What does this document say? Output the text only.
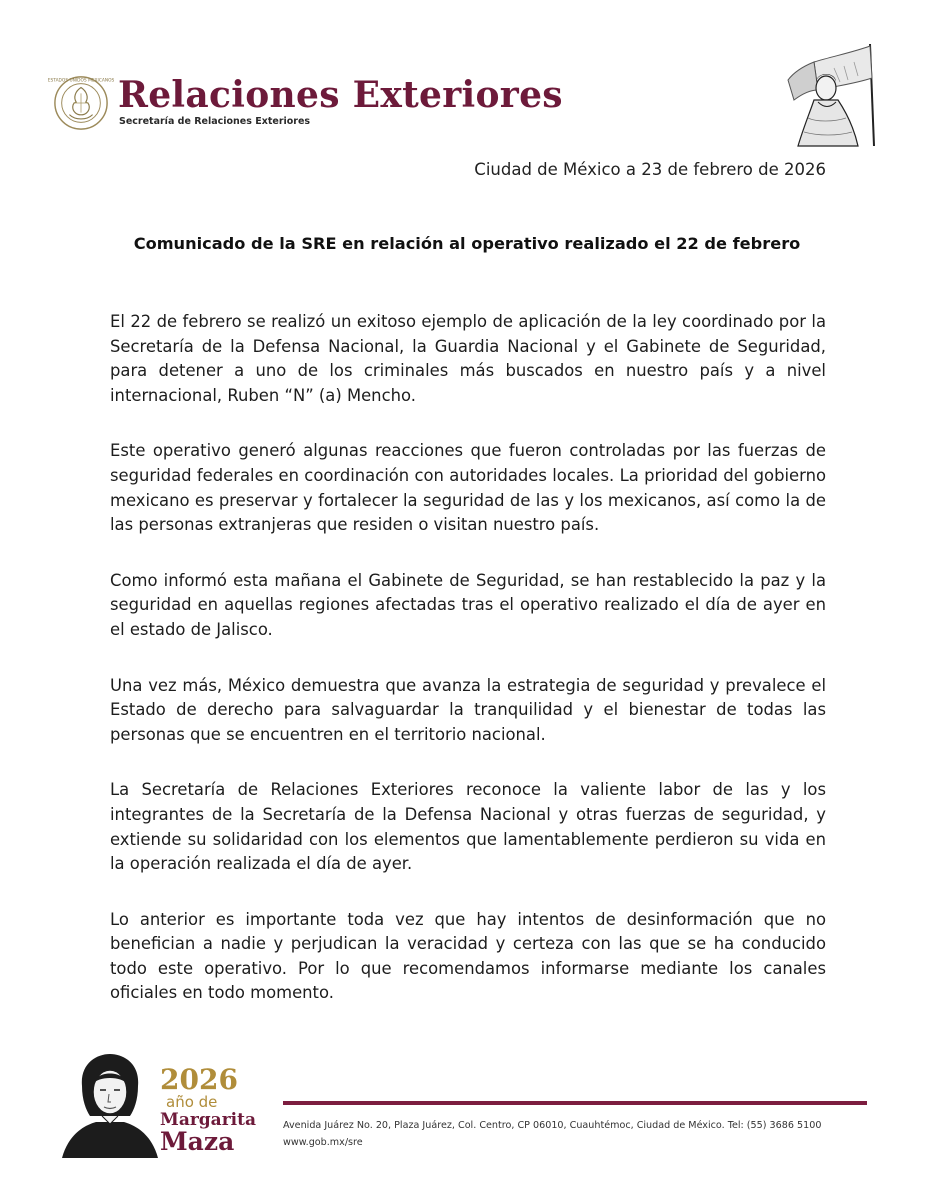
ESTADOS UNIDOS MEXICANOS Relaciones Exteriores
Secretaría de Relaciones Exteriores
Ciudad de México a 23 de febrero de 2026
Comunicado de la SRE en relación al operativo realizado el 22 de febrero

El 22 de febrero se realizó un exitoso ejemplo de aplicación de la ley coordinado por la Secretaría de la Defensa Nacional, la Guardia Nacional y el Gabinete de Seguridad, para detener a uno de los criminales más buscados en nuestro país y a nivel internacional, Ruben “N” (a) Mencho.

Este operativo generó algunas reacciones que fueron controladas por las fuerzas de seguridad federales en coordinación con autoridades locales. La prioridad del gobierno mexicano es preservar y fortalecer la seguridad de las y los mexicanos, así como la de las personas extranjeras que residen o visitan nuestro país.

Como informó esta mañana el Gabinete de Seguridad, se han restablecido la paz y la seguridad en aquellas regiones afectadas tras el operativo realizado el día de ayer en el estado de Jalisco.

Una vez más, México demuestra que avanza la estrategia de seguridad y prevalece el Estado de derecho para salvaguardar la tranquilidad y el bienestar de todas las personas que se encuentren en el territorio nacional.

La Secretaría de Relaciones Exteriores reconoce la valiente labor de las y los integrantes de la Secretaría de la Defensa Nacional y otras fuerzas de seguridad, y extiende su solidaridad con los elementos que lamentablemente perdieron su vida en la operación realizada el día de ayer.

Lo anterior es importante toda vez que hay intentos de desinformación que no benefician a nadie y perjudican la veracidad y certeza con las que se ha conducido todo este operativo. Por lo que recomendamos informarse mediante los canales oficiales en todo momento.

2026
año de
Margarita
Maza
Avenida Juárez No. 20, Plaza Juárez, Col. Centro, CP 06010, Cuauhtémoc, Ciudad de México. Tel: (55) 3686 5100
www.gob.mx/sre
